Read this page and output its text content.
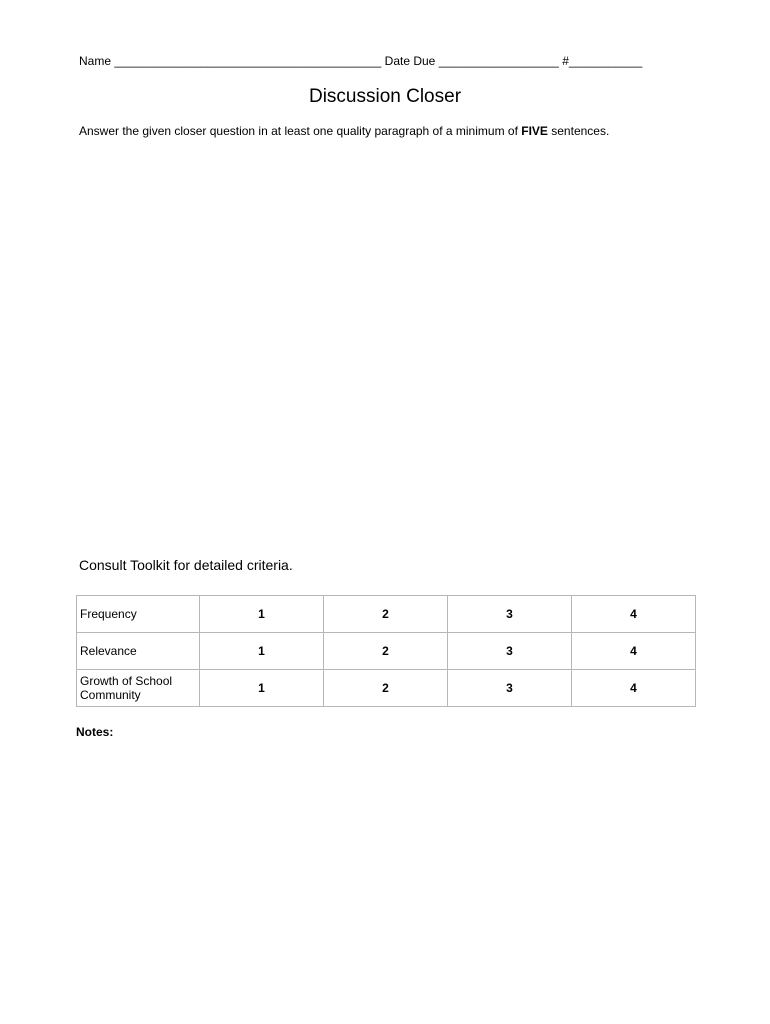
Name ________________________________________ Date Due __________________ #___________
Discussion Closer
Answer the given closer question in at least one quality paragraph of a minimum of FIVE sentences.
Consult Toolkit for detailed criteria.
Frequency	1	2	3	4
Relevance	1	2	3	4
Growth of School Community	1	2	3	4
Notes:
